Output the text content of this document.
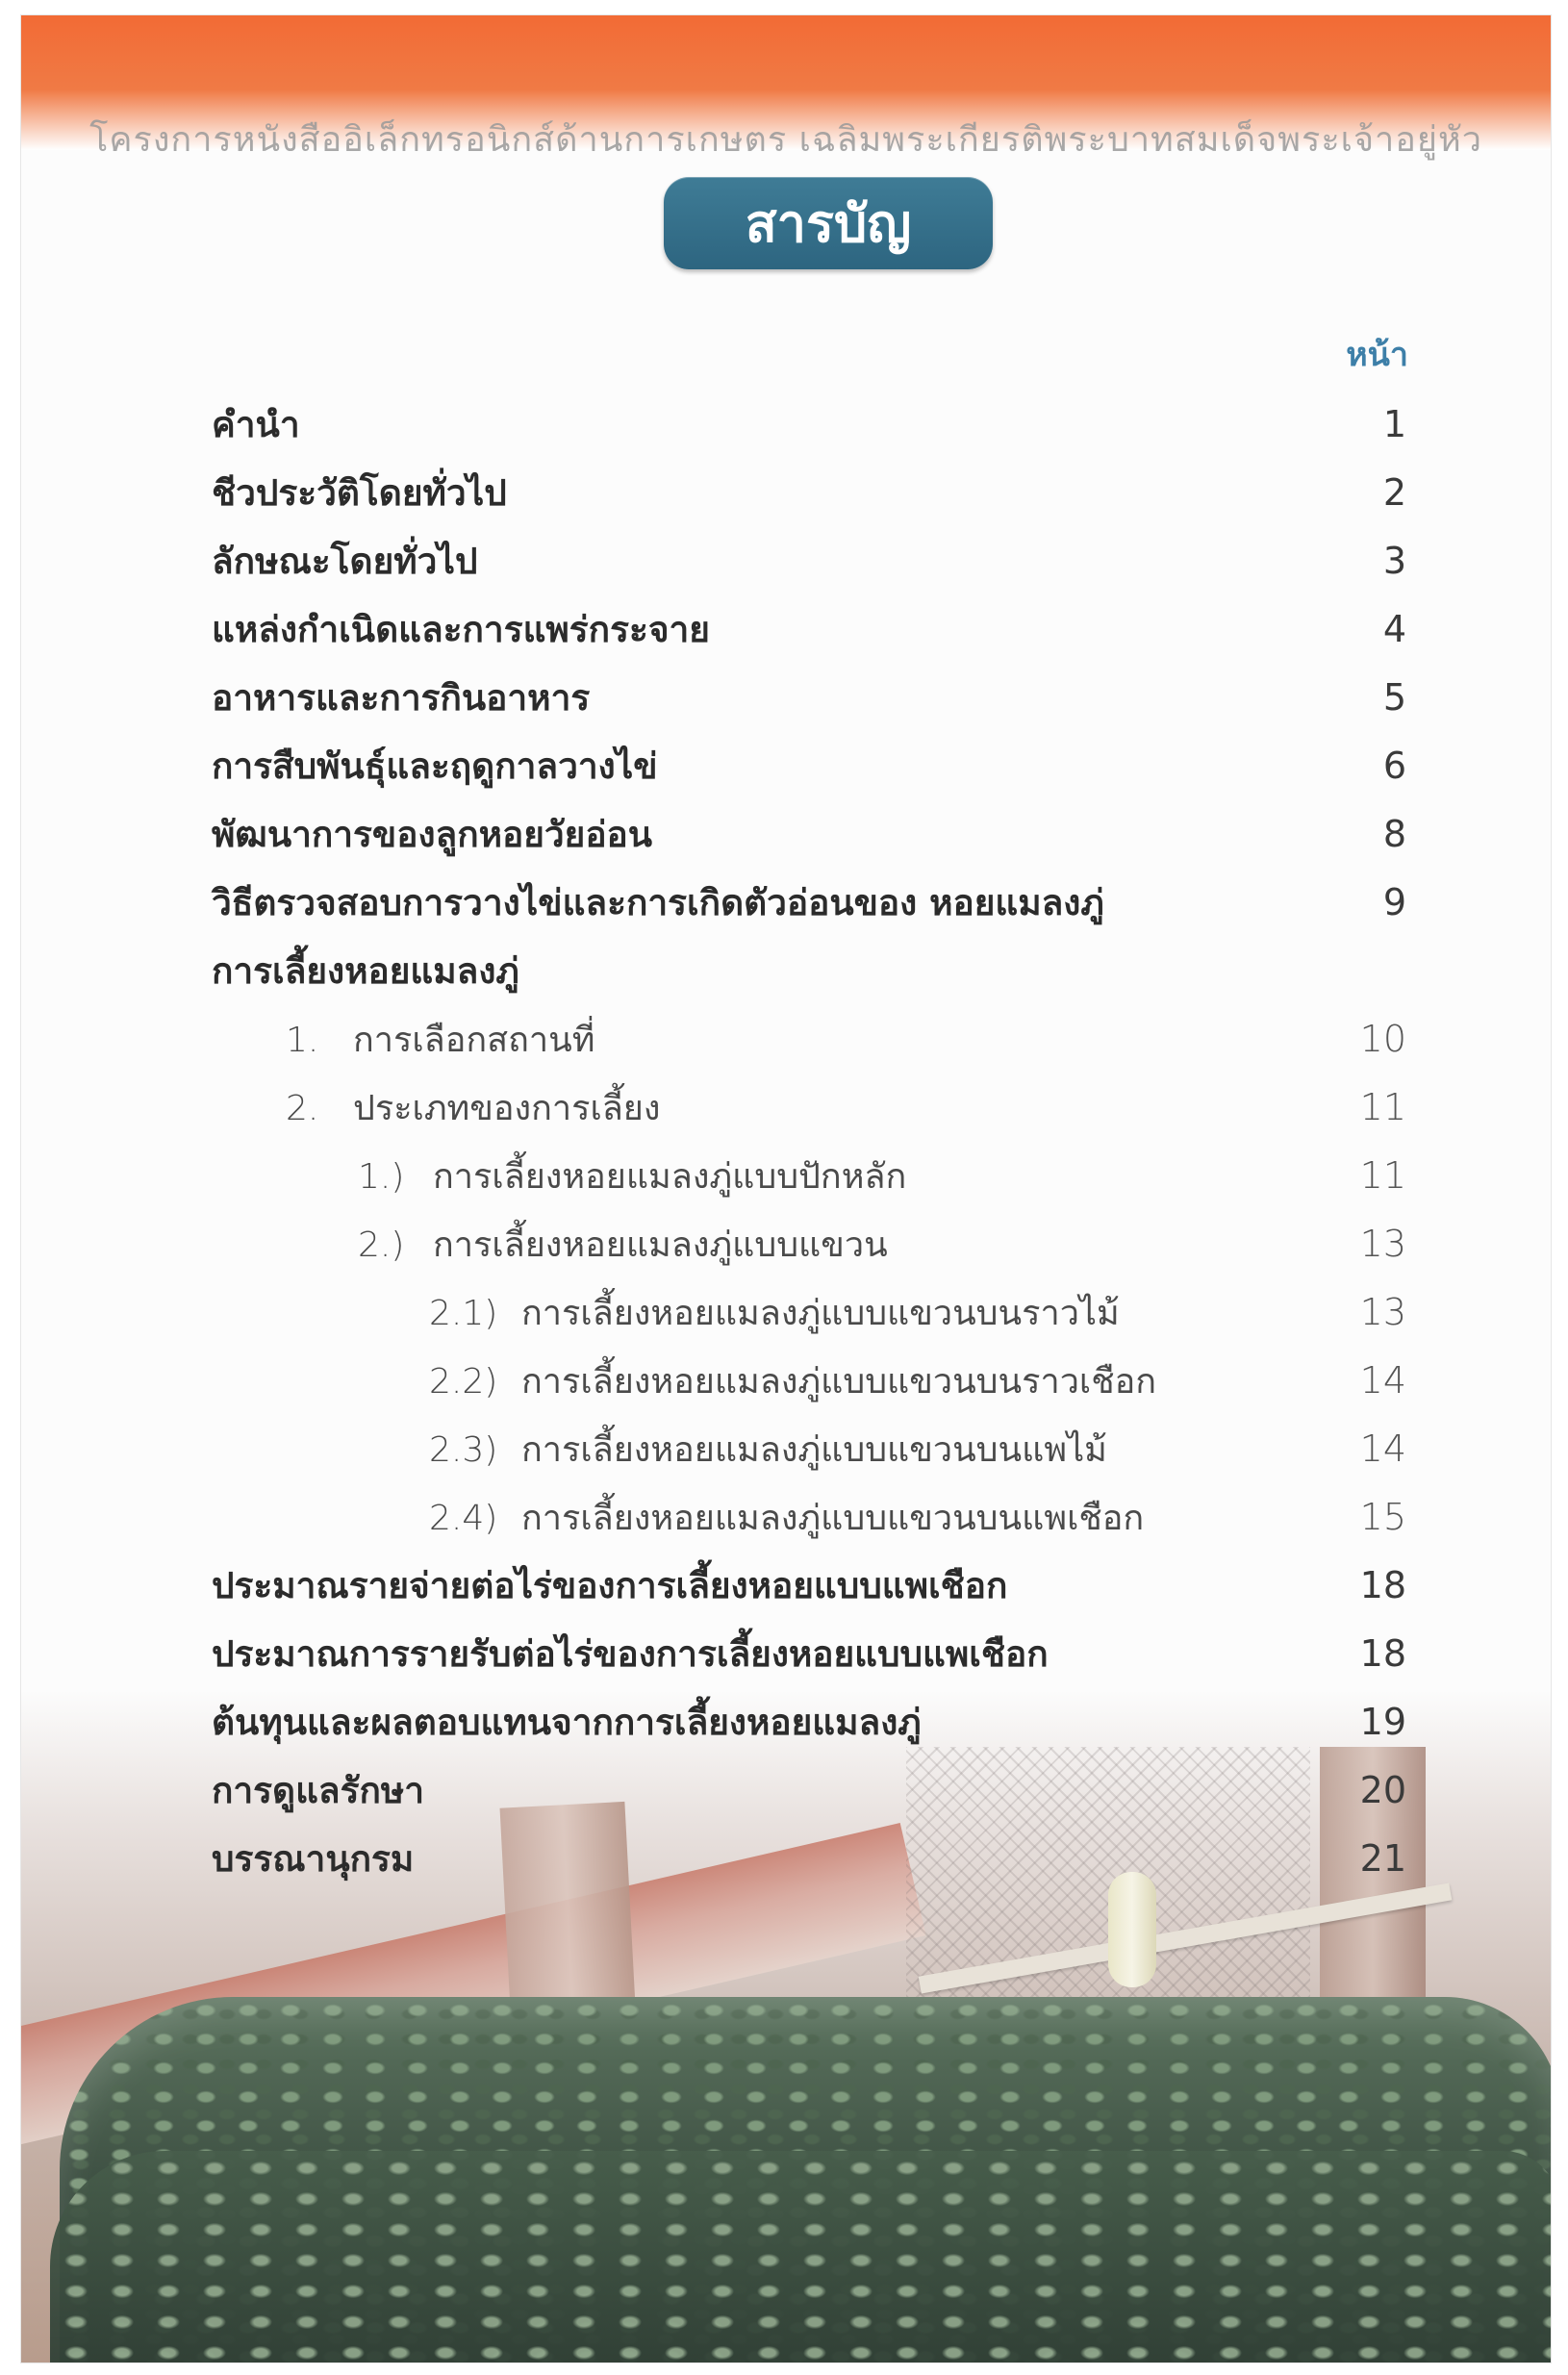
โครงการหนังสืออิเล็กทรอนิกส์ด้านการเกษตร เฉลิมพระเกียรติพระบาทสมเด็จพระเจ้าอยู่หัว
สารบัญ
หน้า
คำนำ	1
ชีวประวัติโดยทั่วไป	2
ลักษณะโดยทั่วไป	3
แหล่งกำเนิดและการแพร่กระจาย	4
อาหารและการกินอาหาร	5
การสืบพันธุ์และฤดูกาลวางไข่	6
พัฒนาการของลูกหอยวัยอ่อน	8
วิธีตรวจสอบการวางไข่และการเกิดตัวอ่อนของ หอยแมลงภู่	9
การเลี้ยงหอยแมลงภู่
1. การเลือกสถานที่	10
2. ประเภทของการเลี้ยง	11
1.) การเลี้ยงหอยแมลงภู่แบบปักหลัก	11
2.) การเลี้ยงหอยแมลงภู่แบบแขวน	13
2.1) การเลี้ยงหอยแมลงภู่แบบแขวนบนราวไม้	13
2.2) การเลี้ยงหอยแมลงภู่แบบแขวนบนราวเชือก	14
2.3) การเลี้ยงหอยแมลงภู่แบบแขวนบนแพไม้	14
2.4) การเลี้ยงหอยแมลงภู่แบบแขวนบนแพเชือก	15
ประมาณรายจ่ายต่อไร่ของการเลี้ยงหอยแบบแพเชือก	18
ประมาณการรายรับต่อไร่ของการเลี้ยงหอยแบบแพเชือก	18
ต้นทุนและผลตอบแทนจากการเลี้ยงหอยแมลงภู่	19
การดูแลรักษา	20
บรรณานุกรม	21
